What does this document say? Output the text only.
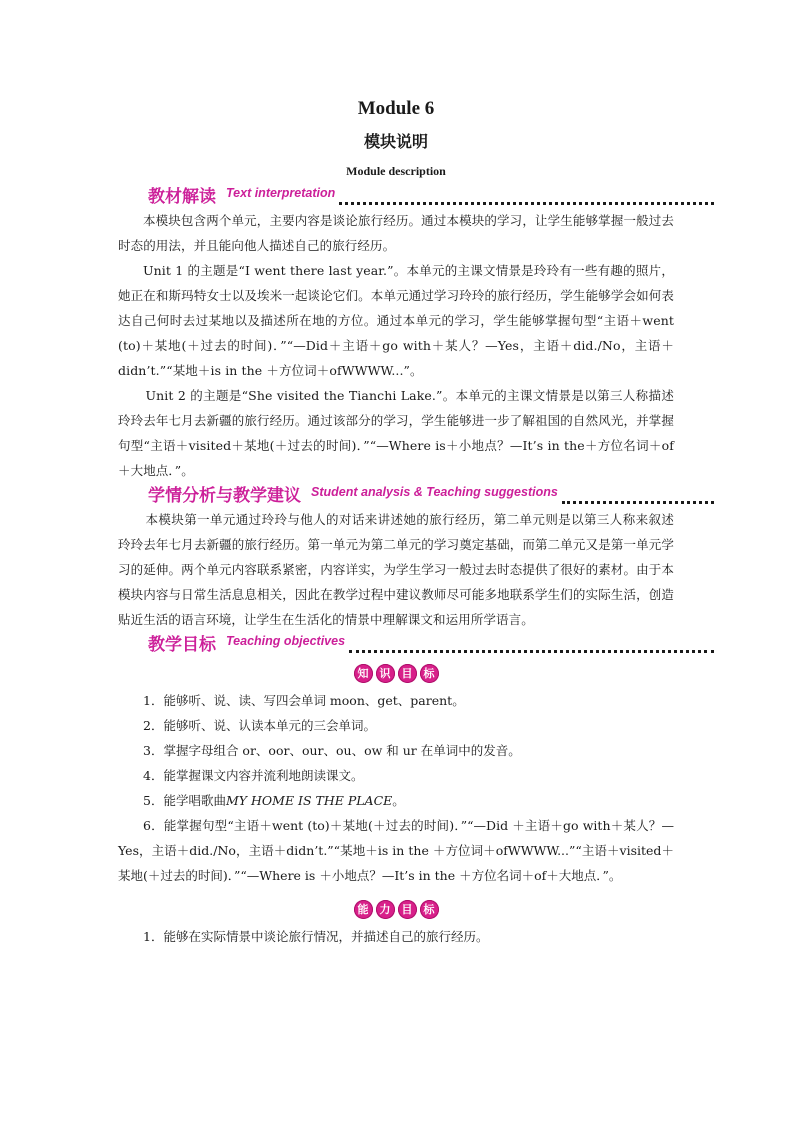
Module 6
模块说明
Module description
教材解读 Text interpretation

本模块包含两个单元，主要内容是谈论旅行经历。通过本模块的学习，让学生能够掌握一般过去时态的用法，并且能向他人描述自己的旅行经历。

Unit 1 的主题是“I went there last year.”。本单元的主课文情景是玲玲有一些有趣的照片，她正在和斯玛特女士以及埃米一起谈论它们。本单元通过学习玲玲的旅行经历，学生能够学会如何表达自己何时去过某地以及描述所在地的方位。通过本单元的学习，学生能够掌握句型“主语＋went (to)＋某地(＋过去的时间)．”“—Did＋主语＋go with＋某人？—Yes，主语＋did./No，主语＋didn’t.”“某地＋is in the ＋方位词＋ofWWWW...”。

Unit 2 的主题是“She visited the Tianchi Lake.”。本单元的主课文情景是以第三人称描述玲玲去年七月去新疆的旅行经历。通过该部分的学习，学生能够进一步了解祖国的自然风光，并掌握句型“主语＋visited＋某地(＋过去的时间)．”“—Where is＋小地点？—It’s in the＋方位名词＋of＋大地点．”。

学情分析与教学建议 Student analysis & Teaching suggestions

本模块第一单元通过玲玲与他人的对话来讲述她的旅行经历，第二单元则是以第三人称来叙述玲玲去年七月去新疆的旅行经历。第一单元为第二单元的学习奠定基础，而第二单元又是第一单元学习的延伸。两个单元内容联系紧密，内容详实，为学生学习一般过去时态提供了很好的素材。由于本模块内容与日常生活息息相关，因此在教学过程中建议教师尽可能多地联系学生们的实际生活，创造贴近生活的语言环境，让学生在生活化的情景中理解课文和运用所学语言。

教学目标 Teaching objectives
知	识	目	标

1．能够听、说、读、写四会单词 moon、get、parent。

2．能够听、说、认读本单元的三会单词。

3．掌握字母组合 or、oor、our、ou、ow 和 ur 在单词中的发音。

4．能掌握课文内容并流利地朗读课文。

5．能学唱歌曲MY HOME IS THE PLACE。

6．能掌握句型“主语＋went (to)＋某地(＋过去的时间)．”“—Did ＋主语＋go with＋某人？—Yes，主语＋did./No，主语＋didn’t.”“某地＋is in the ＋方位词＋ofWWWW...”“主语＋visited＋某地(＋过去的时间)．”“—Where is ＋小地点？—It’s in the ＋方位名词＋of＋大地点．”。

能	力	目	标

1．能够在实际情景中谈论旅行情况，并描述自己的旅行经历。
